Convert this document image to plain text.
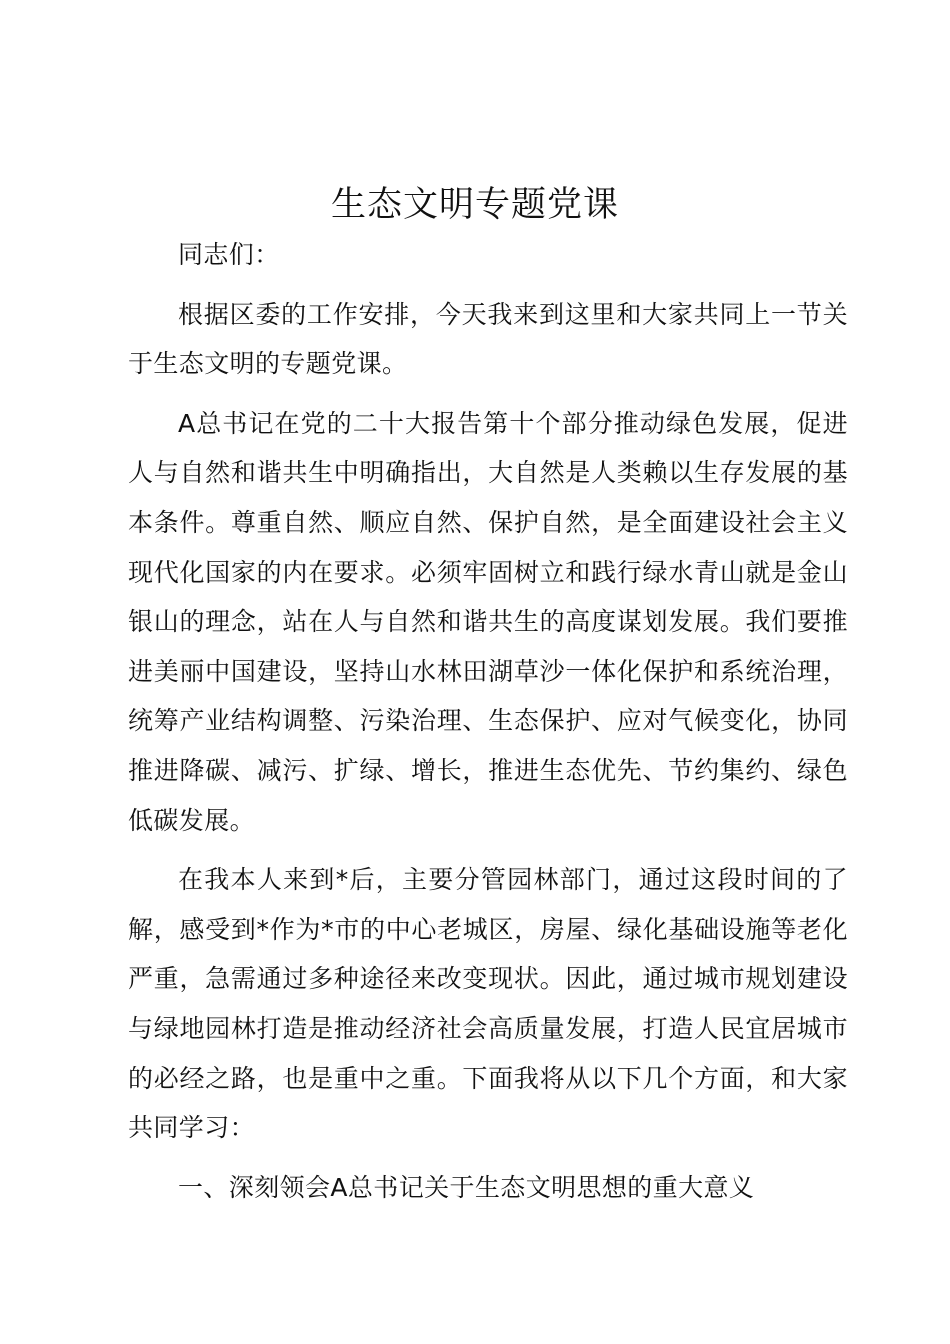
生态文明专题党课

同志们：

根据区委的工作安排，今天我来到这里和大家共同上一节关于生态文明的专题党课。

A总书记在党的二十大报告第十个部分推动绿色发展，促进人与自然和谐共生中明确指出，大自然是人类赖以生存发展的基本条件。尊重自然、顺应自然、保护自然，是全面建设社会主义现代化国家的内在要求。必须牢固树立和践行绿水青山就是金山银山的理念，站在人与自然和谐共生的高度谋划发展。我们要推进美丽中国建设，坚持山水林田湖草沙一体化保护和系统治理，统筹产业结构调整、污染治理、生态保护、应对气候变化，协同推进降碳、减污、扩绿、增长，推进生态优先、节约集约、绿色低碳发展。

在我本人来到*后，主要分管园林部门，通过这段时间的了解，感受到*作为*市的中心老城区，房屋、绿化基础设施等老化严重，急需通过多种途径来改变现状。因此，通过城市规划建设与绿地园林打造是推动经济社会高质量发展，打造人民宜居城市的必经之路，也是重中之重。下面我将从以下几个方面，和大家共同学习：

一、深刻领会A总书记关于生态文明思想的重大意义
